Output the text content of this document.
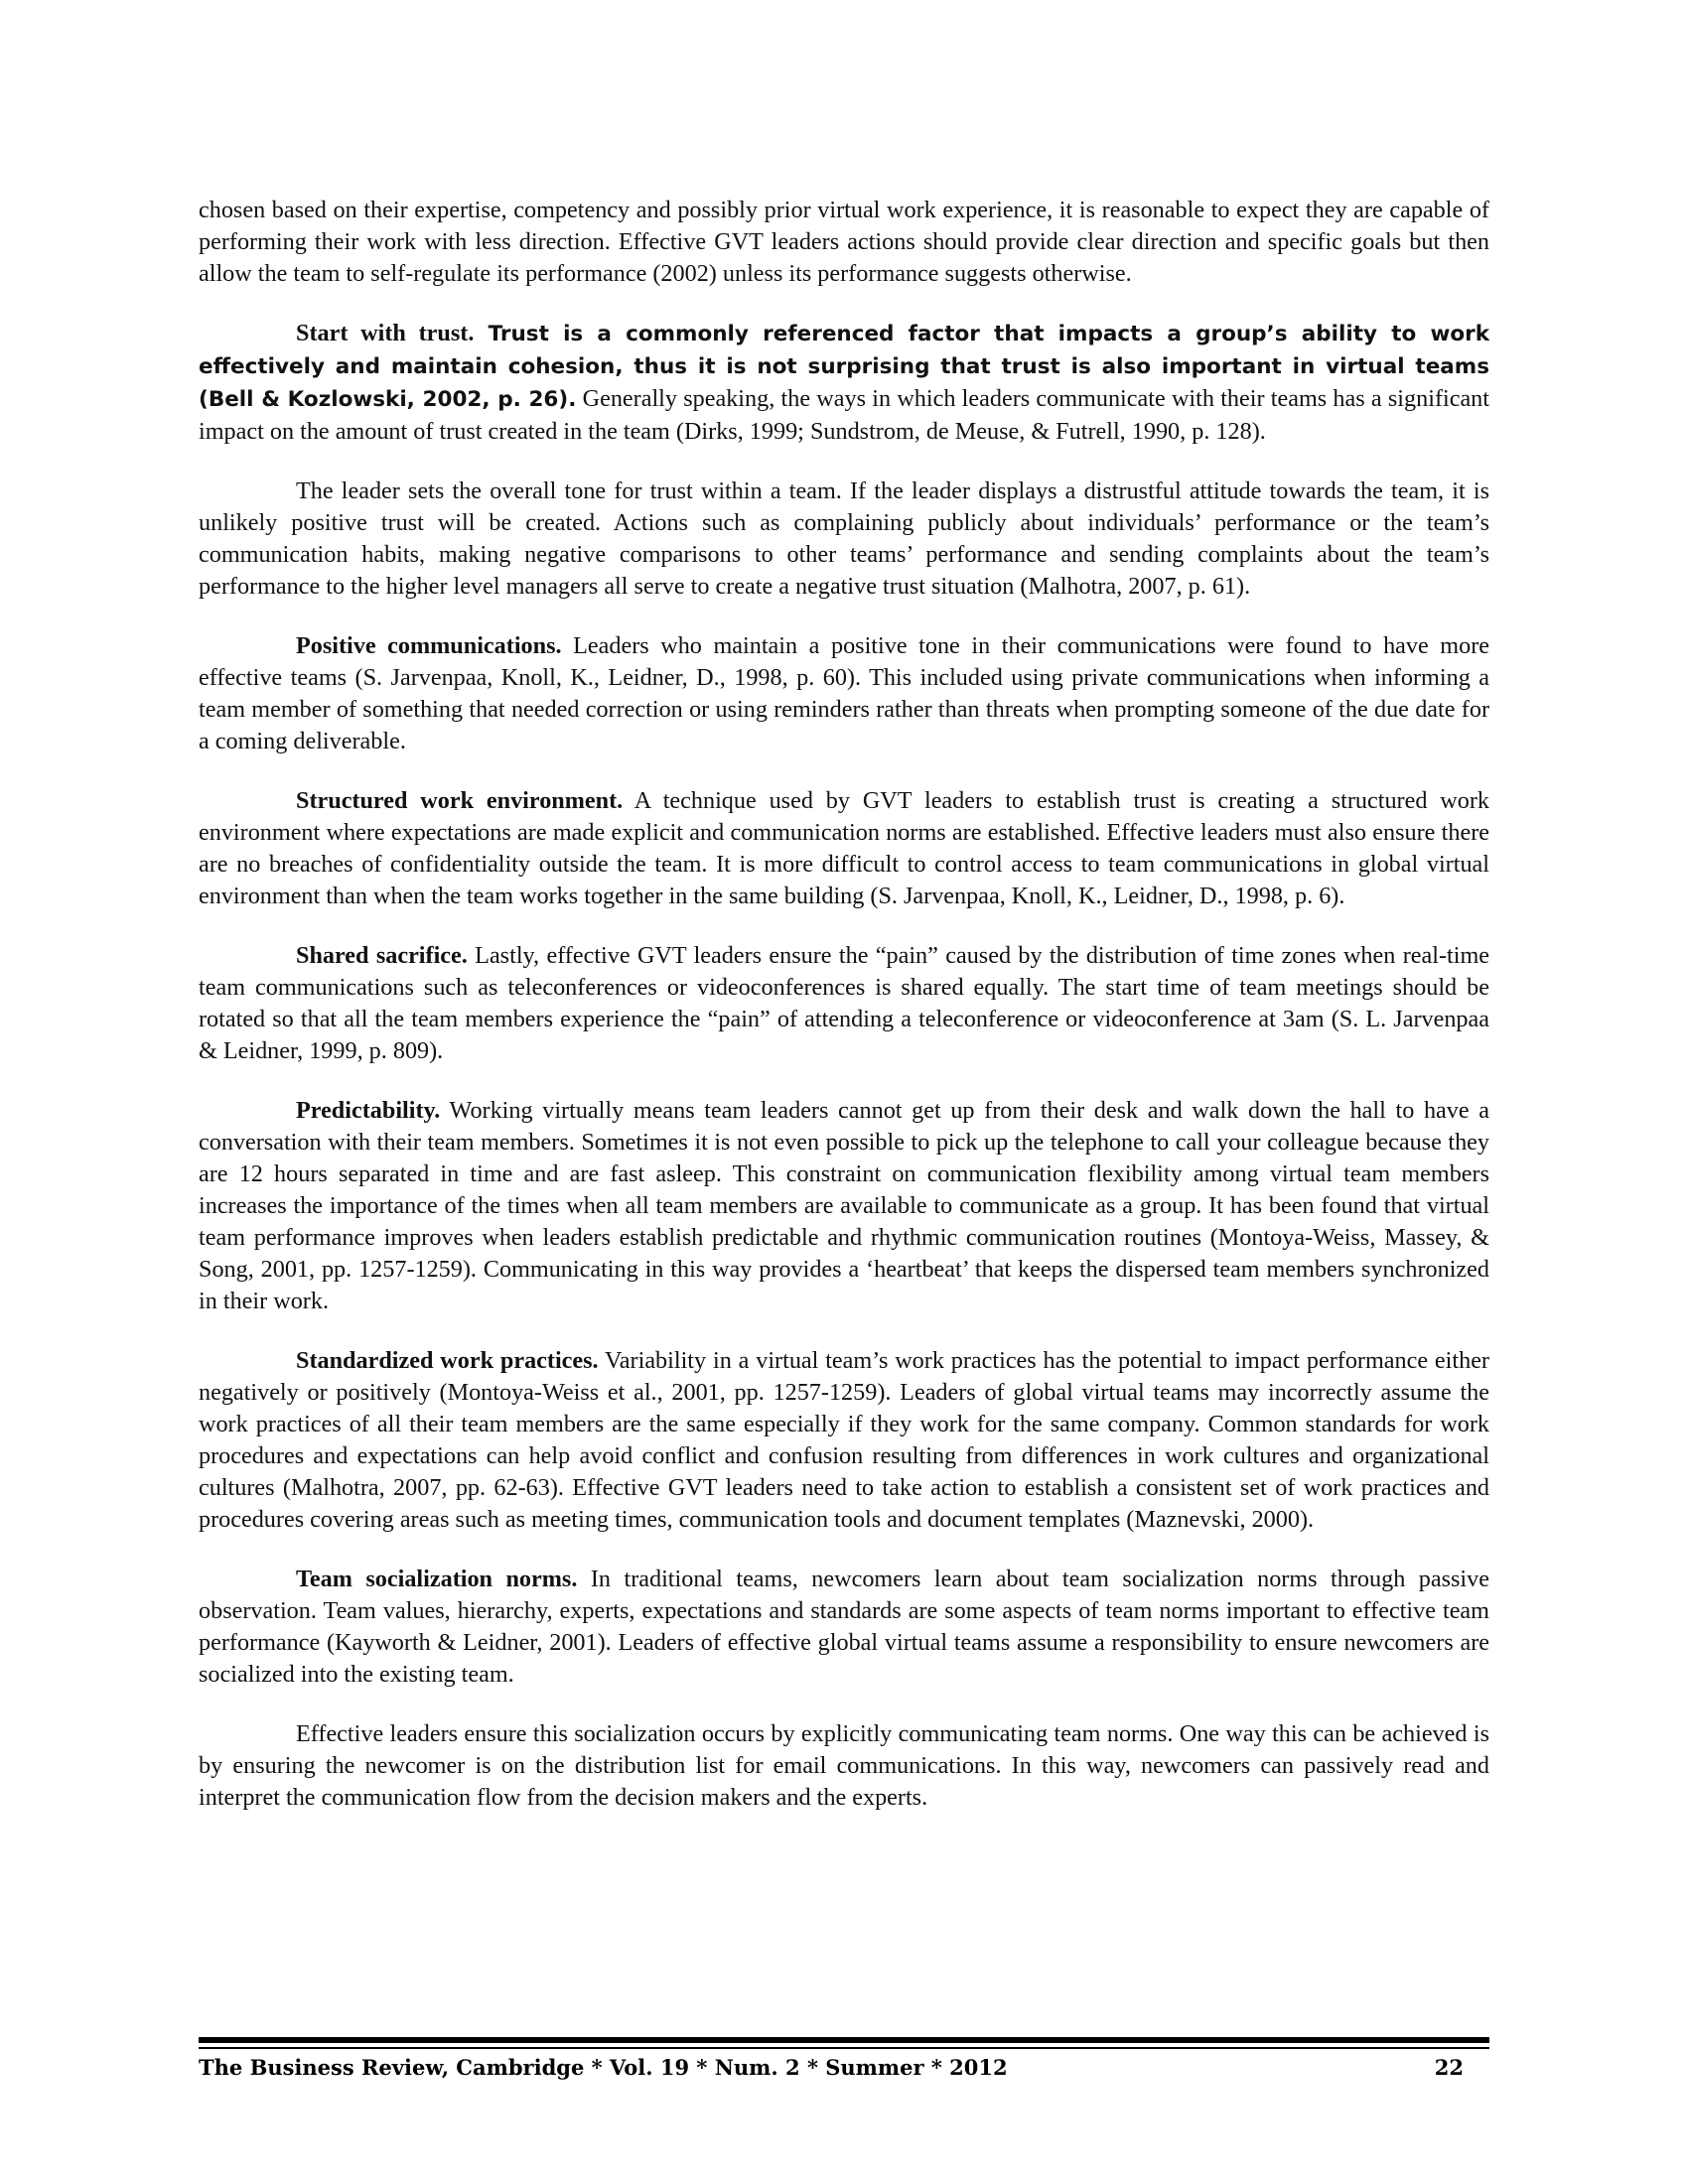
chosen based on their expertise, competency and possibly prior virtual work experience, it is reasonable to expect they are capable of performing their work with less direction. Effective GVT leaders actions should provide clear direction and specific goals but then allow the team to self-regulate its performance (2002) unless its performance suggests otherwise.

Start with trust. Trust is a commonly referenced factor that impacts a group’s ability to work effectively and maintain cohesion, thus it is not surprising that trust is also important in virtual teams (Bell & Kozlowski, 2002, p. 26). Generally speaking, the ways in which leaders communicate with their teams has a significant impact on the amount of trust created in the team (Dirks, 1999; Sundstrom, de Meuse, & Futrell, 1990, p. 128).

The leader sets the overall tone for trust within a team. If the leader displays a distrustful attitude towards the team, it is unlikely positive trust will be created. Actions such as complaining publicly about individuals’ performance or the team’s communication habits, making negative comparisons to other teams’ performance and sending complaints about the team’s performance to the higher level managers all serve to create a negative trust situation (Malhotra, 2007, p. 61).

Positive communications. Leaders who maintain a positive tone in their communications were found to have more effective teams (S. Jarvenpaa, Knoll, K., Leidner, D., 1998, p. 60). This included using private communications when informing a team member of something that needed correction or using reminders rather than threats when prompting someone of the due date for a coming deliverable.

Structured work environment. A technique used by GVT leaders to establish trust is creating a structured work environment where expectations are made explicit and communication norms are established. Effective leaders must also ensure there are no breaches of confidentiality outside the team. It is more difficult to control access to team communications in global virtual environment than when the team works together in the same building (S. Jarvenpaa, Knoll, K., Leidner, D., 1998, p. 6).

Shared sacrifice. Lastly, effective GVT leaders ensure the “pain” caused by the distribution of time zones when real-time team communications such as teleconferences or videoconferences is shared equally. The start time of team meetings should be rotated so that all the team members experience the “pain” of attending a teleconference or videoconference at 3am (S. L. Jarvenpaa & Leidner, 1999, p. 809).

Predictability. Working virtually means team leaders cannot get up from their desk and walk down the hall to have a conversation with their team members. Sometimes it is not even possible to pick up the telephone to call your colleague because they are 12 hours separated in time and are fast asleep. This constraint on communication flexibility among virtual team members increases the importance of the times when all team members are available to communicate as a group. It has been found that virtual team performance improves when leaders establish predictable and rhythmic communication routines (Montoya-Weiss, Massey, & Song, 2001, pp. 1257-1259). Communicating in this way provides a ‘heartbeat’ that keeps the dispersed team members synchronized in their work.

Standardized work practices. Variability in a virtual team’s work practices has the potential to impact performance either negatively or positively (Montoya-Weiss et al., 2001, pp. 1257-1259). Leaders of global virtual teams may incorrectly assume the work practices of all their team members are the same especially if they work for the same company. Common standards for work procedures and expectations can help avoid conflict and confusion resulting from differences in work cultures and organizational cultures (Malhotra, 2007, pp. 62-63). Effective GVT leaders need to take action to establish a consistent set of work practices and procedures covering areas such as meeting times, communication tools and document templates (Maznevski, 2000).

Team socialization norms. In traditional teams, newcomers learn about team socialization norms through passive observation. Team values, hierarchy, experts, expectations and standards are some aspects of team norms important to effective team performance (Kayworth & Leidner, 2001). Leaders of effective global virtual teams assume a responsibility to ensure newcomers are socialized into the existing team.

Effective leaders ensure this socialization occurs by explicitly communicating team norms. One way this can be achieved is by ensuring the newcomer is on the distribution list for email communications. In this way, newcomers can passively read and interpret the communication flow from the decision makers and the experts.

The Business Review, Cambridge * Vol. 19 * Num. 2 * Summer * 2012	22
